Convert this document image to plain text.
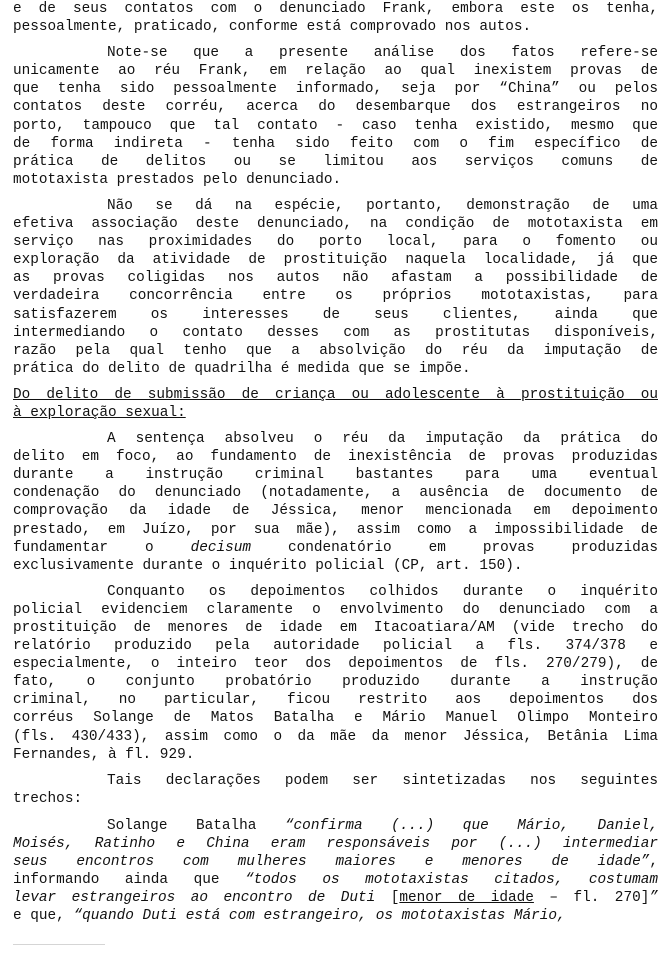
e de seus contatos com o denunciado Frank, embora este os tenha,
pessoalmente, praticado, conforme está comprovado nos autos.
Note-se que a presente análise dos fatos refere-se
unicamente ao réu Frank, em relação ao qual inexistem provas de
que tenha sido pessoalmente informado, seja por “China” ou pelos
contatos deste corréu, acerca do desembarque dos estrangeiros no
porto, tampouco que tal contato - caso tenha existido, mesmo que
de forma indireta - tenha sido feito com o fim específico de
prática de delitos ou se limitou aos serviços comuns de
mototaxista prestados pelo denunciado.
Não se dá na espécie, portanto, demonstração de uma
efetiva associação deste denunciado, na condição de mototaxista em
serviço nas proximidades do porto local, para o fomento ou
exploração da atividade de prostituição naquela localidade, já que
as provas coligidas nos autos não afastam a possibilidade de
verdadeira concorrência entre os próprios mototaxistas, para
satisfazerem os interesses de seus clientes, ainda que
intermediando o contato desses com as prostitutas disponíveis,
razão pela qual tenho que a absolvição do réu da imputação de
prática do delito de quadrilha é medida que se impõe.
Do delito de submissão de criança ou adolescente à prostituição ou
à exploração sexual:
A sentença absolveu o réu da imputação da prática do
delito em foco, ao fundamento de inexistência de provas produzidas
durante a instrução criminal bastantes para uma eventual
condenação do denunciado (notadamente, a ausência de documento de
comprovação da idade de Jéssica, menor mencionada em depoimento
prestado, em Juízo, por sua mãe), assim como a impossibilidade de
fundamentar o decisum condenatório em provas produzidas
exclusivamente durante o inquérito policial (CP, art. 150).
Conquanto os depoimentos colhidos durante o inquérito
policial evidenciem claramente o envolvimento do denunciado com a
prostituição de menores de idade em Itacoatiara/AM (vide trecho do
relatório produzido pela autoridade policial a fls. 374/378 e
especialmente, o inteiro teor dos depoimentos de fls. 270/279), de
fato, o conjunto probatório produzido durante a instrução
criminal, no particular, ficou restrito aos depoimentos dos
corréus Solange de Matos Batalha e Mário Manuel Olimpo Monteiro
(fls. 430/433), assim como o da mãe da menor Jéssica, Betânia Lima
Fernandes, à fl. 929.
Tais declarações podem ser sintetizadas nos seguintes
trechos:
Solange Batalha “confirma (...) que Mário, Daniel,
Moisés, Ratinho e China eram responsáveis por (...) intermediar
seus encontros com mulheres maiores e menores de idade”,
informando ainda que “todos os mototaxistas citados, costumam
levar estrangeiros ao encontro de Duti [menor de idade – fl. 270]”
e que, “quando Duti está com estrangeiro, os mototaxistas Mário,
